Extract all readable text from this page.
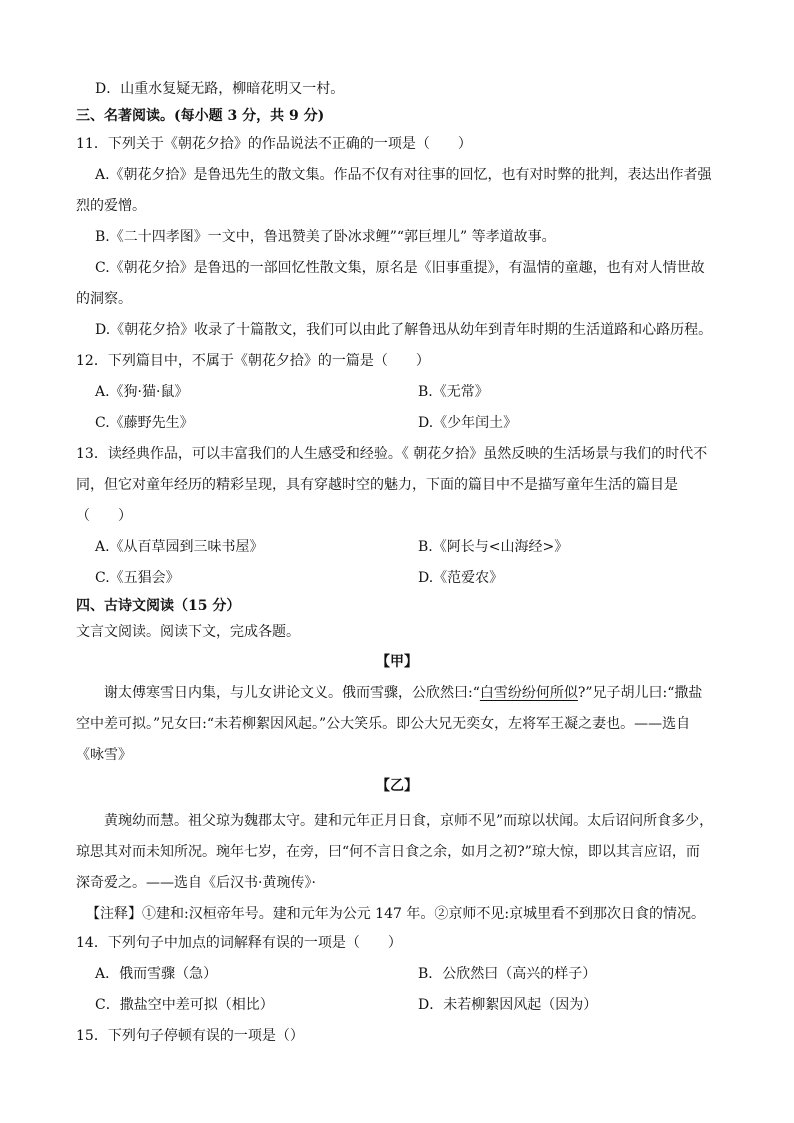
D．山重水复疑无路，柳暗花明又一村。
三、名著阅读。(每小题 3 分，共 9 分)
11．下列关于《朝花夕拾》的作品说法不正确的一项是（　　）
A.《朝花夕拾》是鲁迅先生的散文集。作品不仅有对往事的回忆，也有对时弊的批判，表达出作者强
烈的爱憎。
B.《二十四孝图》一文中，鲁迅赞美了卧冰求鲤”“郭巨埋儿” 等孝道故事。
C.《朝花夕拾》是鲁迅的一部回忆性散文集，原名是《旧事重提》，有温情的童趣，也有对人情世故
的洞察。
D.《朝花夕拾》收录了十篇散文，我们可以由此了解鲁迅从幼年到青年时期的生活道路和心路历程。
12．下列篇目中，不属于《朝花夕拾》的一篇是（　　）
A.《狗·猫·鼠》	B.《无常》
C.《藤野先生》	D.《少年闰土》
13．读经典作品，可以丰富我们的人生感受和经验。《 朝花夕拾》虽然反映的生活场景与我们的时代不
同，但它对童年经历的精彩呈现，具有穿越时空的魅力，下面的篇目中不是描写童年生活的篇目是
（　　）
A.《从百草园到三味书屋》	B.《阿长与<山海经>》
C.《五猖会》	D.《范爱农》
四、古诗文阅读（15 分）
文言文阅读。阅读下文，完成各题。
【甲】
谢太傅寒雪日内集，与儿女讲论文义。俄而雪骤，公欣然曰:“白雪纷纷何所似?”兄子胡儿曰:“撒盐
空中差可拟。”兄女曰:“未若柳絮因风起。”公大笑乐。即公大兄无奕女，左将军王凝之妻也。——选自
《咏雪》
【乙】
黄琬幼而慧。祖父琼为魏郡太守。建和元年正月日食，京师不见”而琼以状闻。太后诏问所食多少，
琼思其对而未知所况。琬年七岁，在旁，曰“何不言日食之余，如月之初?”琼大惊，即以其言应诏，而
深奇爱之。——选自《后汉书·黄琬传》·
【注释】①建和:汉桓帝年号。建和元年为公元 147 年。②京师不见:京城里看不到那次日食的情况。
14．下列句子中加点的词解释有误的一项是（　　）
A．俄而雪骤（急）	B．公欣然曰（高兴的样子）
C．撒盐空中差可拟（相比）	D．未若柳絮因风起（因为）
15．下列句子停顿有误的一项是（）
